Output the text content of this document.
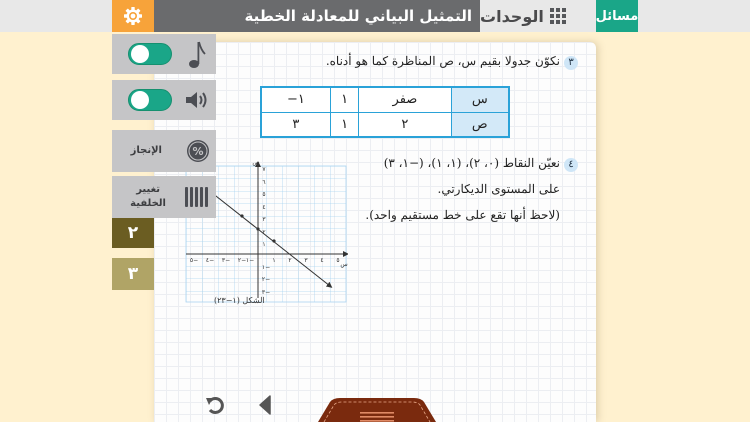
التمثيل البياني للمعادلة الخطية الوحدات	مسائل
٣نكوّن جدولا بقيم س، ص المناظرة كما هو أدناه.
س	صفر	١	١−
ص	٢	١	٣
٤نعيّن النقاط (٠، ٢)، (١، ١)، (−١، ٣)
على المستوى الديكارتي.
(لاحظ أنها تقع على خط مستقيم واحد).
٥− ٤− ٣− ٢− ١−	١ ٢ ٣ ٤ ٥
٧
٦
٥
٤
٣
٢
١
١−
٢−
٣−
ص
س
الشكل (١−٢٣)
الإنجاز	%
تغيير
الخلفية
٢
٣
